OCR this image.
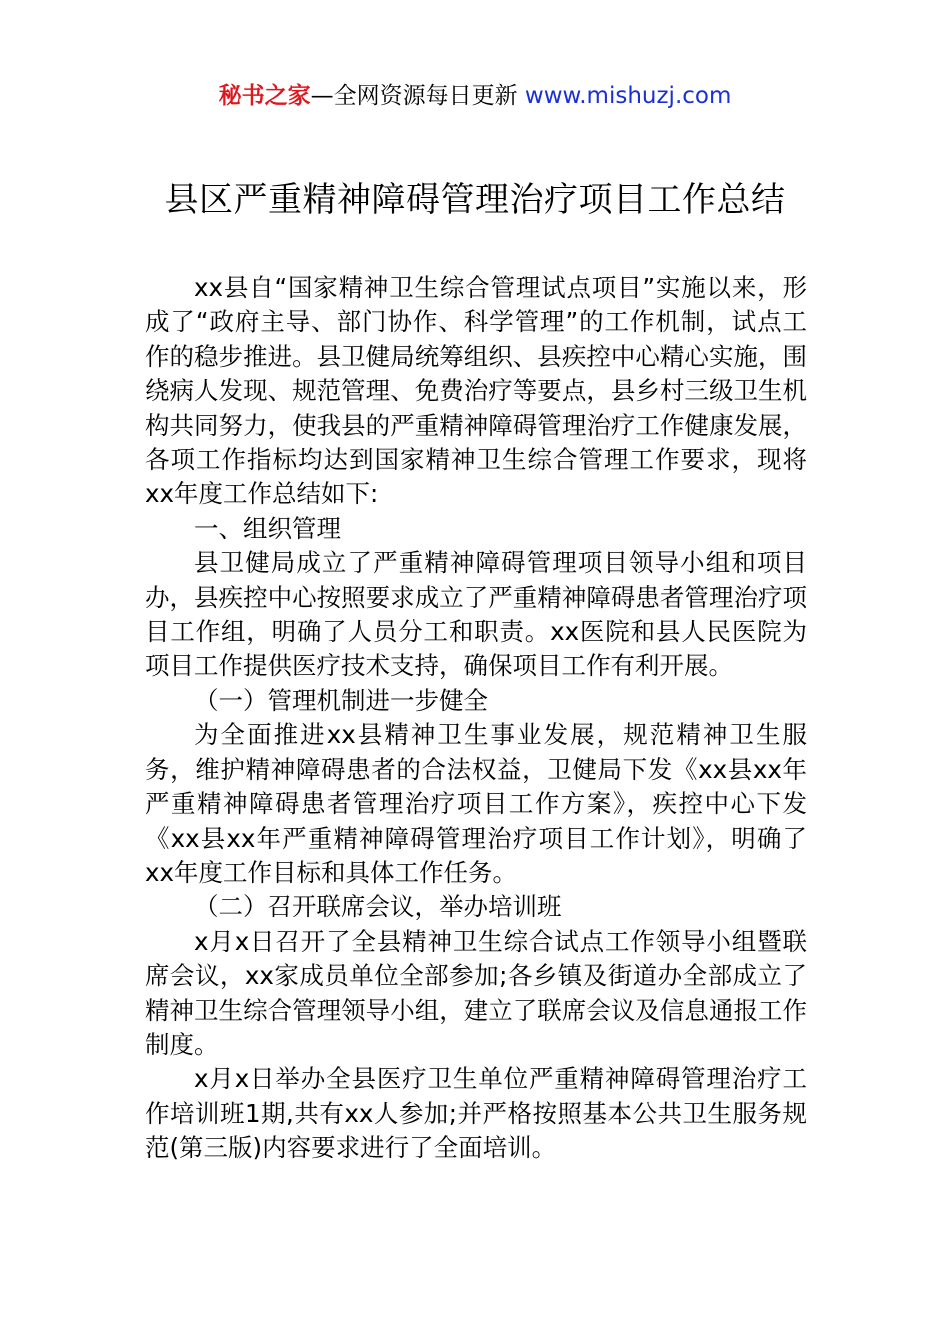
秘书之家—全网资源每日更新 www.mishuzj.com
县区严重精神障碍管理治疗项目工作总结

xx县自“国家精神卫生综合管理试点项目”实施以来，形成了“政府主导、部门协作、科学管理”的工作机制，试点工作的稳步推进。县卫健局统筹组织、县疾控中心精心实施，围绕病人发现、规范管理、免费治疗等要点，县乡村三级卫生机构共同努力，使我县的严重精神障碍管理治疗工作健康发展，各项工作指标均达到国家精神卫生综合管理工作要求，现将xx年度工作总结如下:

一、组织管理

县卫健局成立了严重精神障碍管理项目领导小组和项目办，县疾控中心按照要求成立了严重精神障碍患者管理治疗项目工作组，明确了人员分工和职责。xx医院和县人民医院为项目工作提供医疗技术支持，确保项目工作有利开展。

（一）管理机制进一步健全

为全面推进xx县精神卫生事业发展，规范精神卫生服务，维护精神障碍患者的合法权益，卫健局下发《xx县xx年严重精神障碍患者管理治疗项目工作方案》，疾控中心下发《xx县xx年严重精神障碍管理治疗项目工作计划》，明确了xx年度工作目标和具体工作任务。

（二）召开联席会议，举办培训班

x月x日召开了全县精神卫生综合试点工作领导小组暨联席会议，xx家成员单位全部参加;各乡镇及街道办全部成立了精神卫生综合管理领导小组，建立了联席会议及信息通报工作制度。

x月x日举办全县医疗卫生单位严重精神障碍管理治疗工作培训班1期,共有xx人参加;并严格按照基本公共卫生服务规范(第三版)内容要求进行了全面培训。
